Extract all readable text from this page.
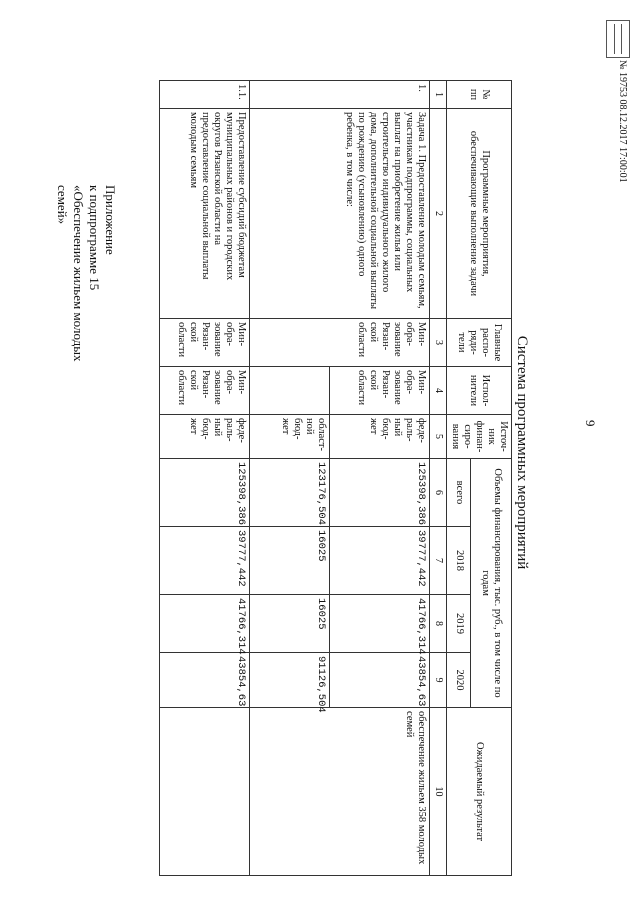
9
Приложение
к подпрограмме 15
«Обеспечение жильем молодых
семей»
Система программных мероприятий
№ пп	Программные мероприятия, обеспечивающие выполнение задачи	Главные распо-ряди-тели	Испол-нители	Источ-ник финан-сиро-вания	Объемы финансирования, тыс. руб., в том числе по годам				Ожидаемый результат
					всего	2018	2019	2020	
1	2	3	4	5	6	7	8	9	10
1.	Задача 1. Предоставление молодым семьям, участникам подпрограммы, социальных выплат на приобретение жилья или строительство индивидуального жилого дома, дополнительной социальной выплаты по рождению (усыновлению) одного ребенка, в том числе:	Мин-обра-зование Рязан-ской области	Мин-обра-зование Рязан-ской области	феде-раль-ный бюд-жет	125398,386	39777,442	41766,314	43854,63	обеспечение жильем 358 молодых семей
				област-ной бюд-жет	123176,504	16025	16025	91126,504	
1.1.	Предоставление субсидий бюджетам муниципальных районов и городских округов Рязанской области на предоставление социальной выплаты молодым семьям	Мин-обра-зование Рязан-ской области	Мин-обра-зование Рязан-ской области	феде-раль-ный бюд-жет	125398,386	39777,442	41766,314	43854,63	
№ 19753 08.12.2017 17:00:01
